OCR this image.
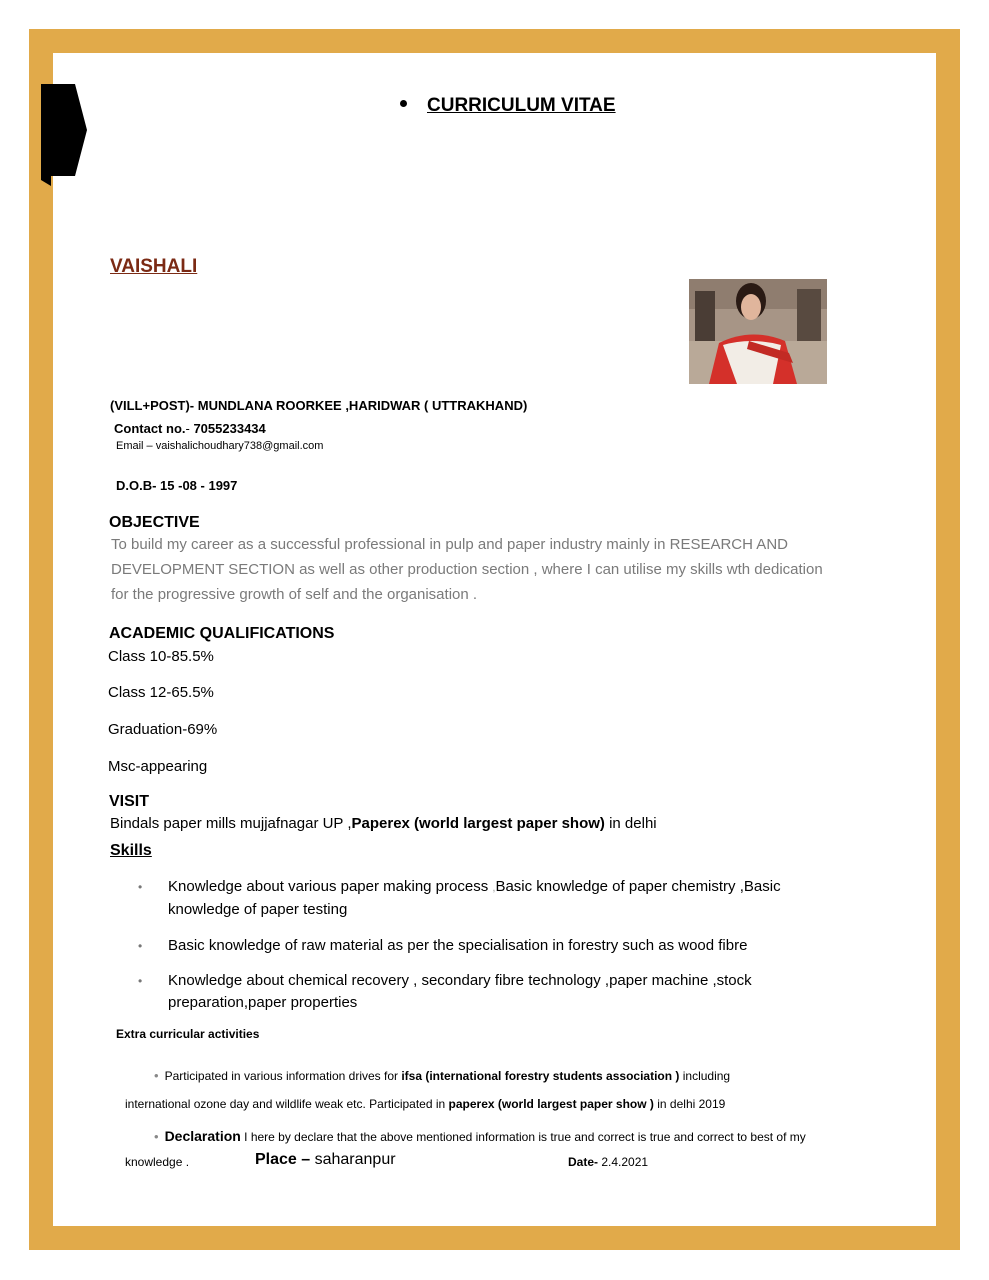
CURRICULUM VITAE
VAISHALI
(VILL+POST)- MUNDLANA ROORKEE ,HARIDWAR ( UTTRAKHAND)
Contact no.- 7055233434
Email – vaishalichoudhary738@gmail.com
D.O.B- 15 -08 - 1997
OBJECTIVE
To build my career as a successful professional in pulp and paper industry mainly in RESEARCH AND
DEVELOPMENT SECTION as well as other production section , where I can utilise my skills wth dedication
for the progressive growth of self and the organisation .
ACADEMIC QUALIFICATIONS
Class 10-85.5%
Class 12-65.5%
Graduation-69%
Msc-appearing
VISIT
Bindals paper mills mujjafnagar UP ,Paperex (world largest paper show) in delhi
Skills
• Knowledge about various paper making process ,Basic knowledge of paper chemistry ,Basic
knowledge of paper testing
• Basic knowledge of raw material as per the specialisation in forestry such as wood fibre
• Knowledge about chemical recovery , secondary fibre technology ,paper machine ,stock
preparation,paper properties
Extra curricular activities
• Participated in various information drives for ifsa (international forestry students association ) including
international ozone day and wildlife weak etc. Participated in paperex (world largest paper show ) in delhi 2019
• Declaration I here by declare that the above mentioned information is true and correct is true and correct to best of my
knowledge .	Place – saharanpur	Date- 2.4.2021
